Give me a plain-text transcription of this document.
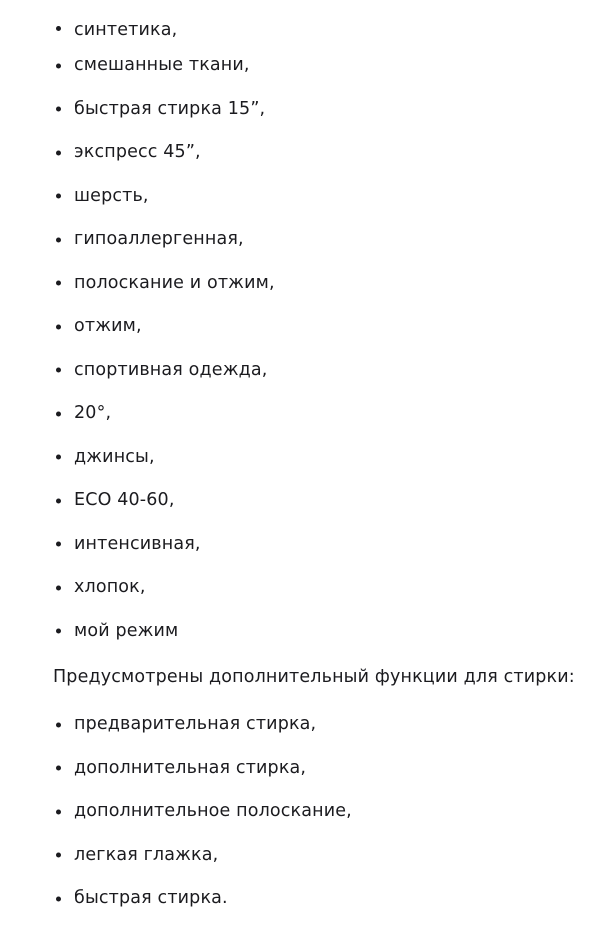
синтетика,
смешанные ткани,
быстрая стирка 15”,
экспресс 45”,
шерсть,
гипоаллергенная,
полоскание и отжим,
отжим,
спортивная одежда,
20°,
джинсы,
ECO 40-60,
интенсивная,
хлопок,
мой режим

Предусмотрены дополнительный функции для стирки:

предварительная стирка,
дополнительная стирка,
дополнительное полоскание,
легкая глажка,
быстрая стирка.
